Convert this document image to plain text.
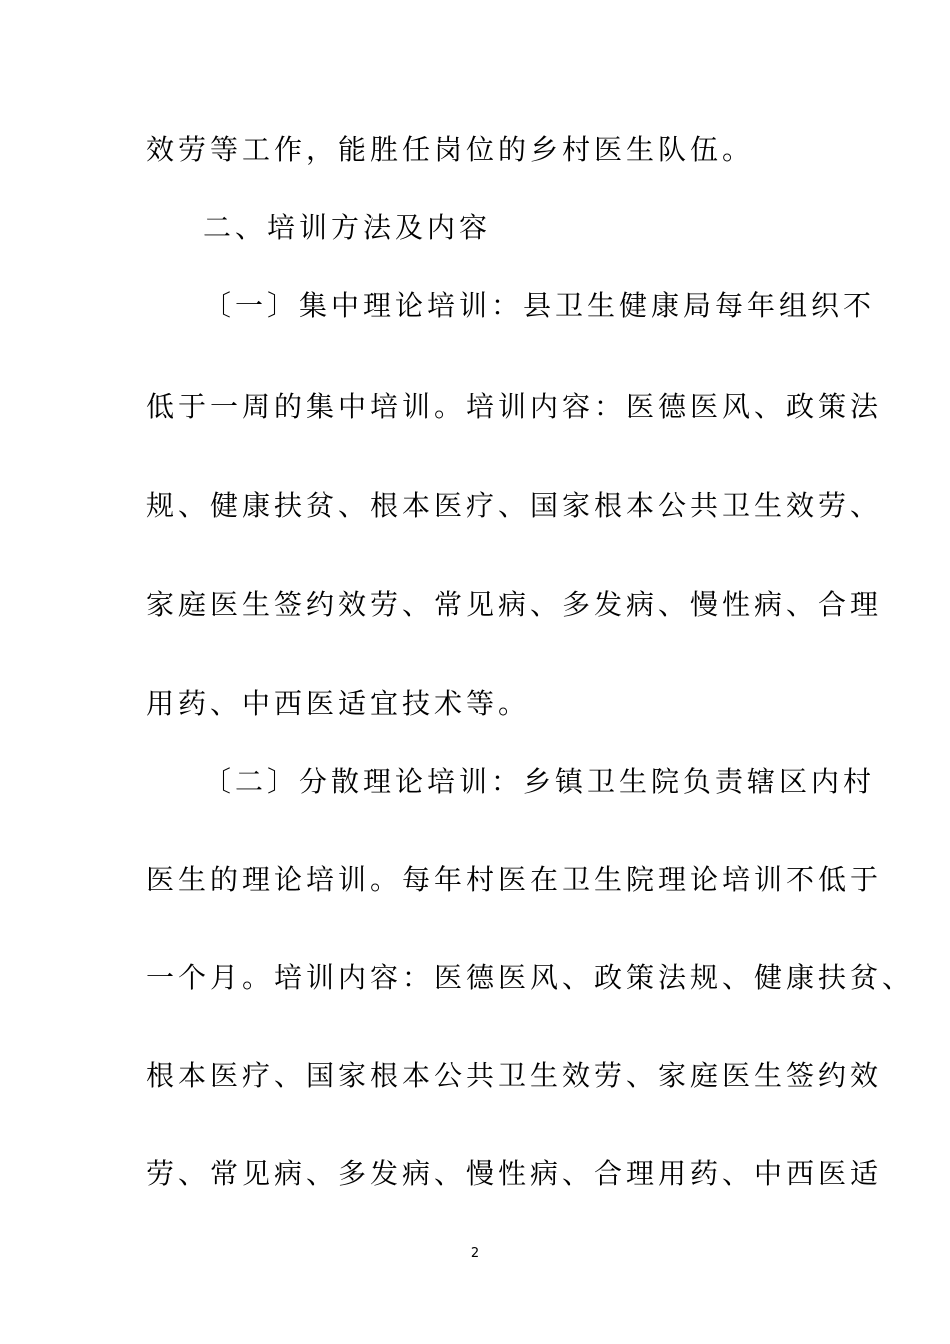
效劳等工作，能胜任岗位的乡村医生队伍。
二、培训方法及内容
〔一〕集中理论培训：县卫生健康局每年组织不
低于一周的集中培训。培训内容：医德医风、政策法
规、健康扶贫、根本医疗、国家根本公共卫生效劳、
家庭医生签约效劳、常见病、多发病、慢性病、合理
用药、中西医适宜技术等。
〔二〕分散理论培训：乡镇卫生院负责辖区内村
医生的理论培训。每年村医在卫生院理论培训不低于
一个月。培训内容：医德医风、政策法规、健康扶贫、
根本医疗、国家根本公共卫生效劳、家庭医生签约效
劳、常见病、多发病、慢性病、合理用药、中西医适
2
